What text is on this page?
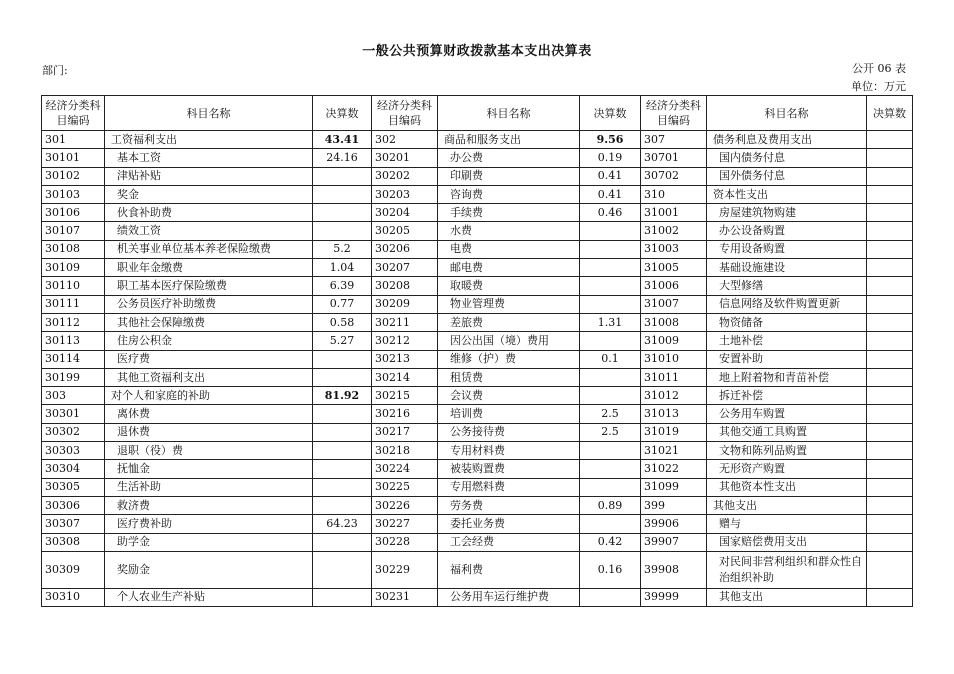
一般公共预算财政拨款基本支出决算表
部门:	公开 06 表
单位：万元
经济分类科目编码	科目名称	决算数	经济分类科目编码	科目名称	决算数	经济分类科目编码	科目名称	决算数
301	工资福利支出	43.41	302	商品和服务支出	9.56	307	债务利息及费用支出	
30101	基本工资	24.16	30201	办公费	0.19	30701	国内债务付息	
30102	津贴补贴		30202	印刷费	0.41	30702	国外债务付息	
30103	奖金		30203	咨询费	0.41	310	资本性支出	
30106	伙食补助费		30204	手续费	0.46	31001	房屋建筑物购建	
30107	绩效工资		30205	水费		31002	办公设备购置	
30108	机关事业单位基本养老保险缴费	5.2	30206	电费		31003	专用设备购置	
30109	职业年金缴费	1.04	30207	邮电费		31005	基础设施建设	
30110	职工基本医疗保险缴费	6.39	30208	取暖费		31006	大型修缮	
30111	公务员医疗补助缴费	0.77	30209	物业管理费		31007	信息网络及软件购置更新	
30112	其他社会保障缴费	0.58	30211	差旅费	1.31	31008	物资储备	
30113	住房公积金	5.27	30212	因公出国（境）费用		31009	土地补偿	
30114	医疗费		30213	维修（护）费	0.1	31010	安置补助	
30199	其他工资福利支出		30214	租赁费		31011	地上附着物和青苗补偿	
303	对个人和家庭的补助	81.92	30215	会议费		31012	拆迁补偿	
30301	离休费		30216	培训费	2.5	31013	公务用车购置	
30302	退休费		30217	公务接待费	2.5	31019	其他交通工具购置	
30303	退职（役）费		30218	专用材料费		31021	文物和陈列品购置	
30304	抚恤金		30224	被装购置费		31022	无形资产购置	
30305	生活补助		30225	专用燃料费		31099	其他资本性支出	
30306	救济费		30226	劳务费	0.89	399	其他支出	
30307	医疗费补助	64.23	30227	委托业务费		39906	赠与	
30308	助学金		30228	工会经费	0.42	39907	国家赔偿费用支出	
30309	奖励金		30229	福利费	0.16	39908	对民间非营利组织和群众性自治组织补助	
30310	个人农业生产补贴		30231	公务用车运行维护费		39999	其他支出	
